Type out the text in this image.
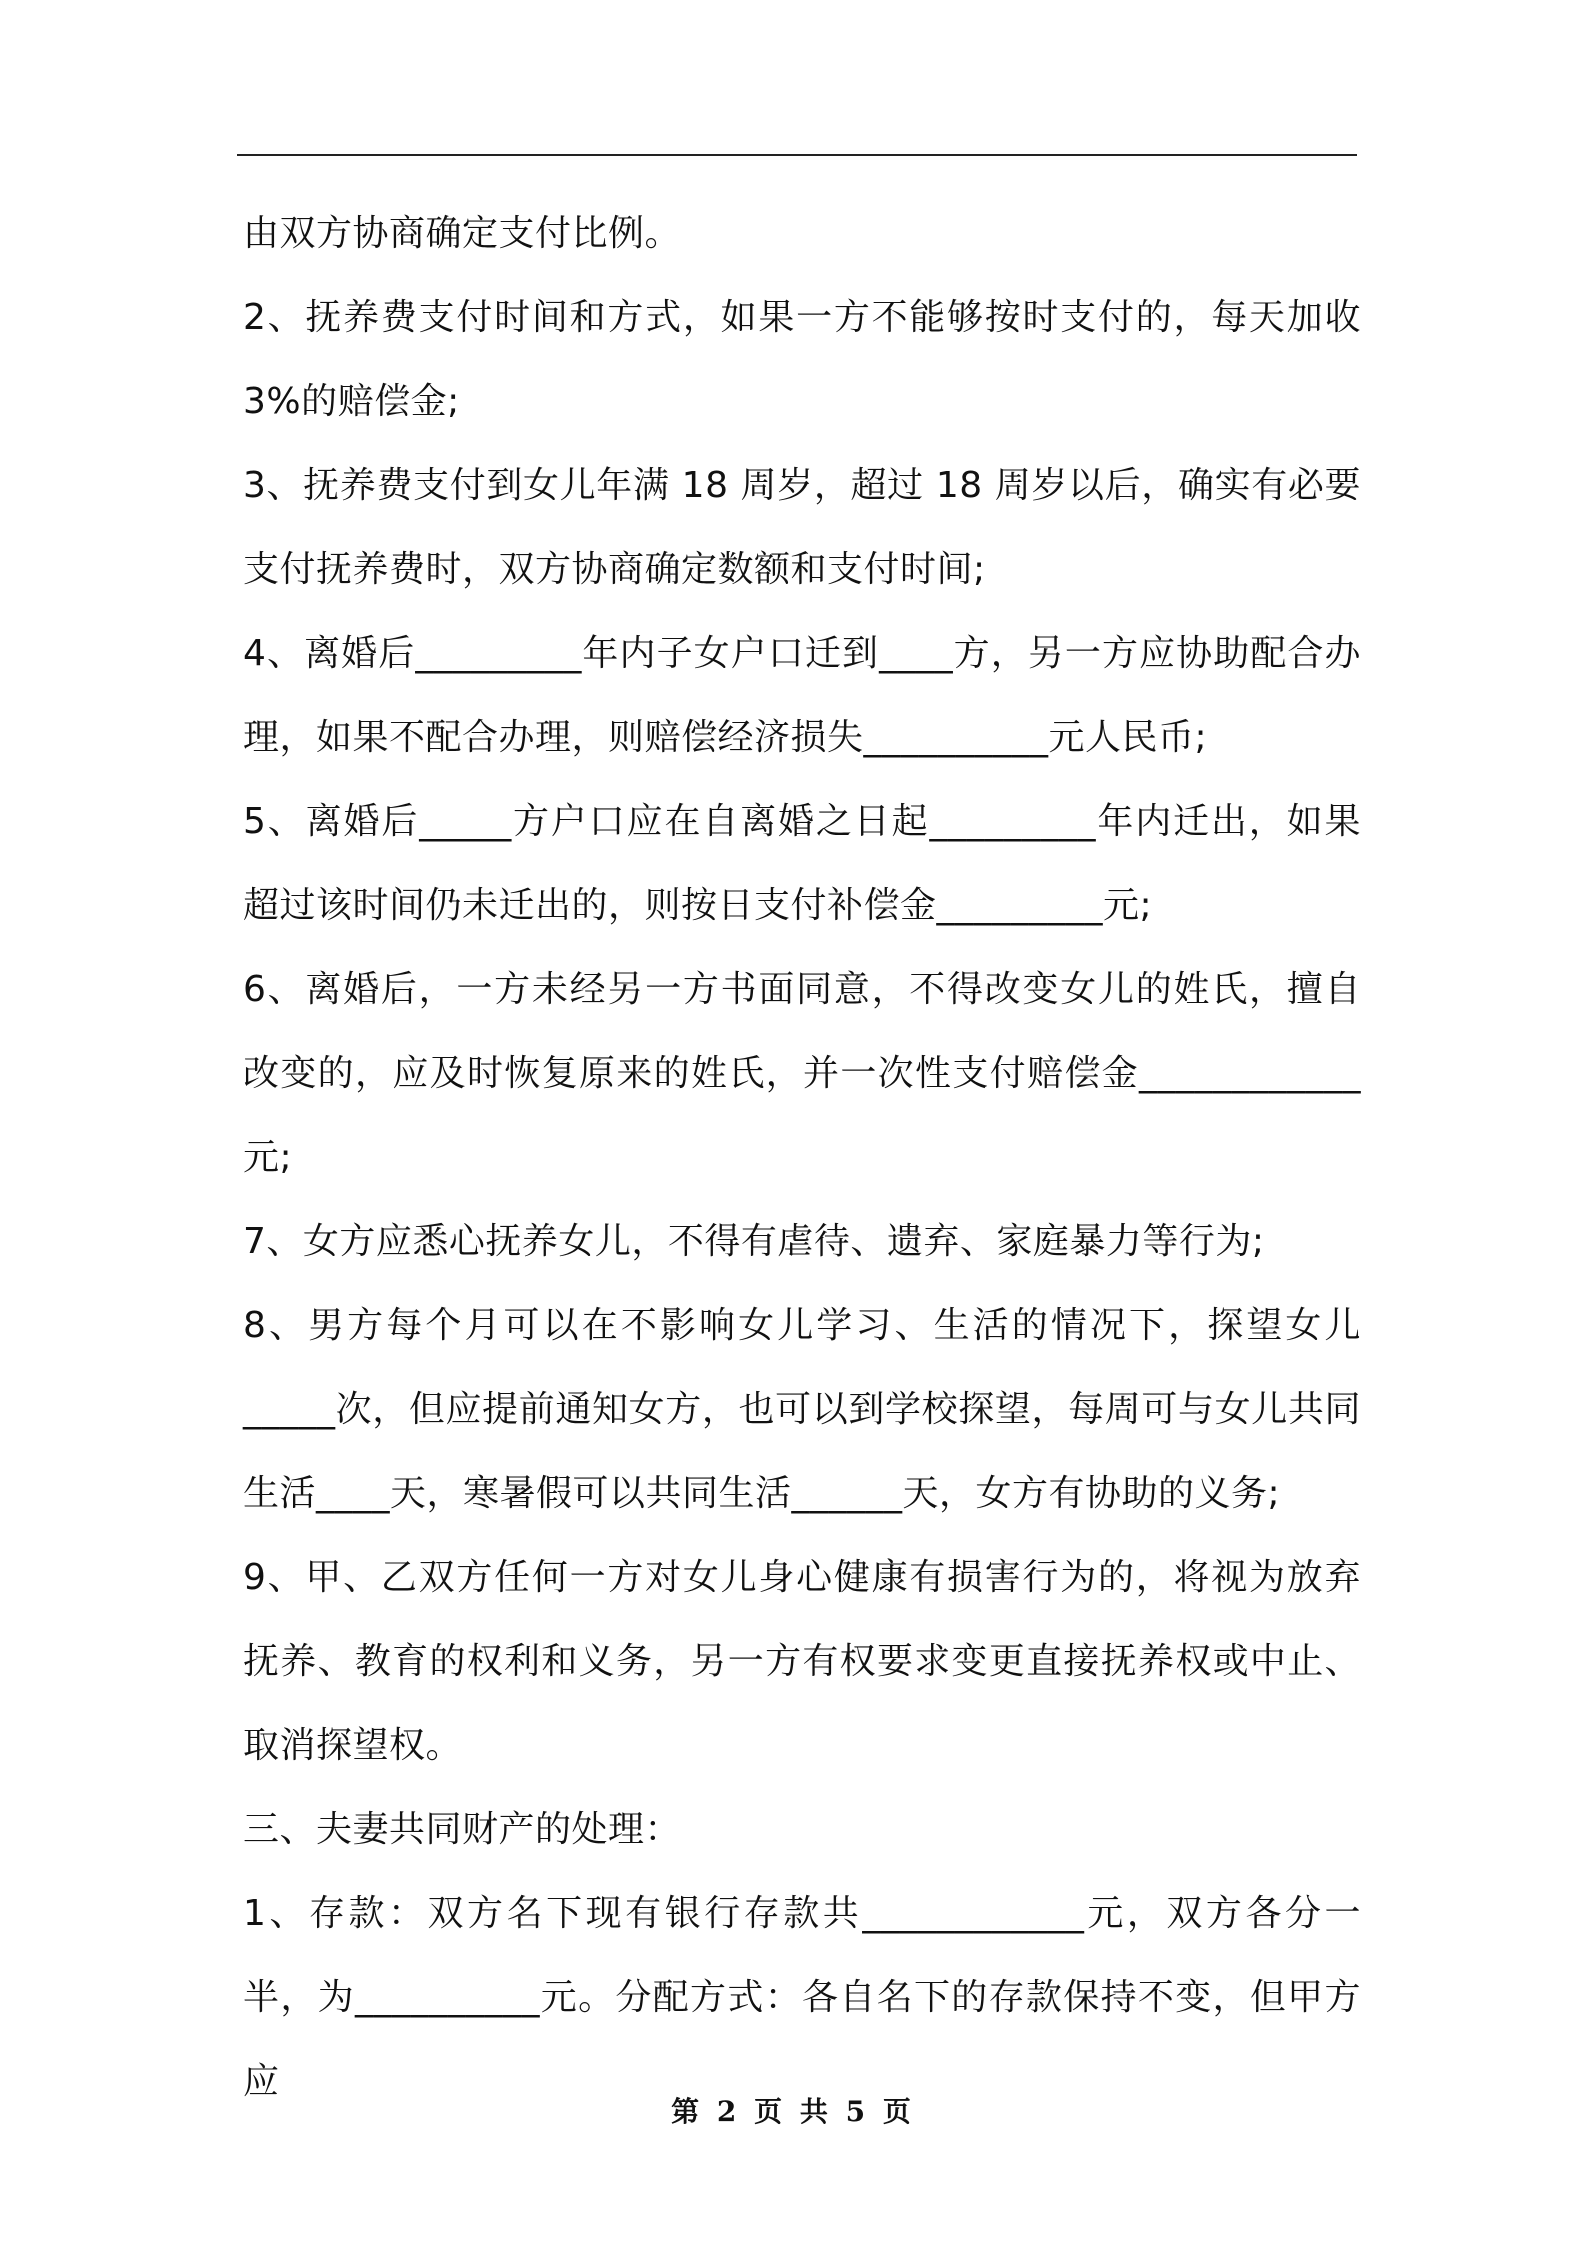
由双方协商确定支付比例。

2、抚养费支付时间和方式，如果一方不能够按时支付的，每天加收3%的赔偿金;

3、抚养费支付到女儿年满 18 周岁，超过 18 周岁以后，确实有必要支付抚养费时，双方协商确定数额和支付时间;

4、离婚后_________年内子女户口迁到____方，另一方应协助配合办理，如果不配合办理，则赔偿经济损失__________元人民币;

5、离婚后_____方户口应在自离婚之日起_________年内迁出，如果超过该时间仍未迁出的，则按日支付补偿金_________元;

6、离婚后，一方未经另一方书面同意，不得改变女儿的姓氏，擅自改变的，应及时恢复原来的姓氏，并一次性支付赔偿金____________元;

7、女方应悉心抚养女儿，不得有虐待、遗弃、家庭暴力等行为;

8、男方每个月可以在不影响女儿学习、生活的情况下，探望女儿_____次，但应提前通知女方，也可以到学校探望，每周可与女儿共同生活____天，寒暑假可以共同生活______天，女方有协助的义务;

9、甲、乙双方任何一方对女儿身心健康有损害行为的，将视为放弃抚养、教育的权利和义务，另一方有权要求变更直接抚养权或中止、取消探望权。

三、夫妻共同财产的处理：

1、存款：双方名下现有银行存款共____________元，双方各分一半，为__________元。分配方式：各自名下的存款保持不变，但甲方应

第 2 页 共 5 页
